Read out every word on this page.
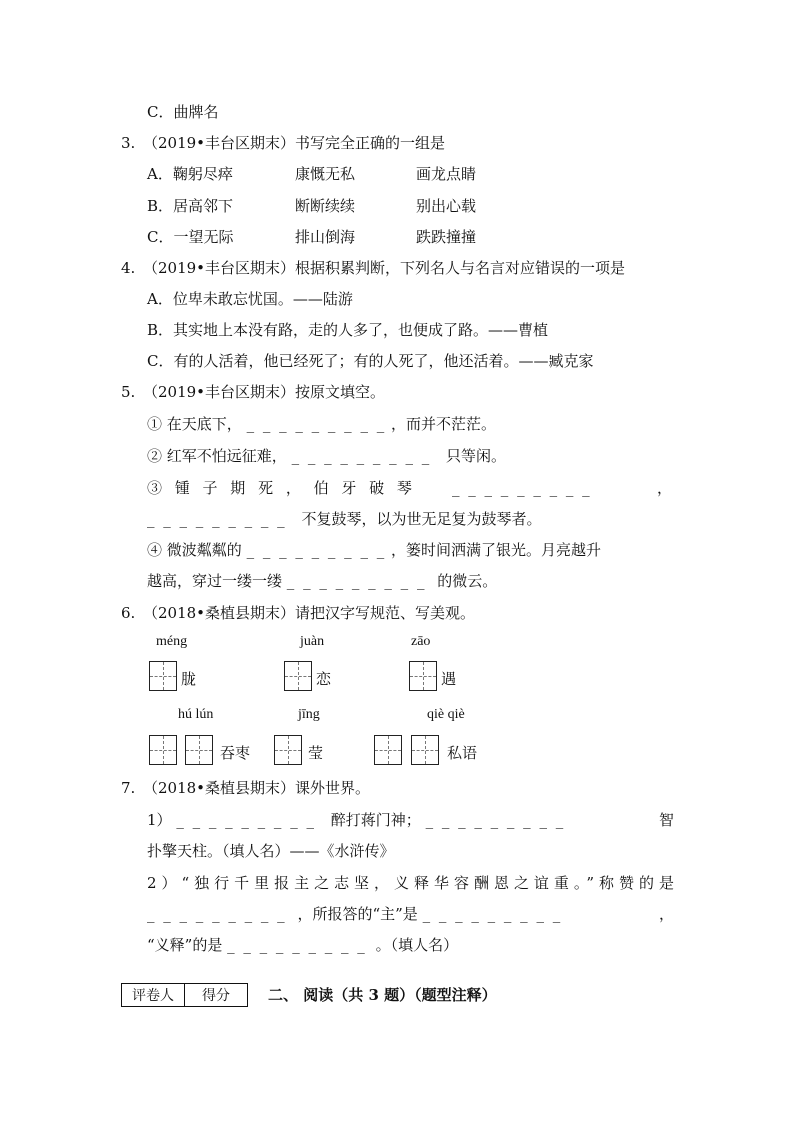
C．曲牌名
3. （2019•丰台区期末）书写完全正确的一组是
A．鞠躬尽瘁	康慨无私	画龙点睛
B．居高邻下	断断续续	别出心载
C．一望无际	排山倒海	跌跌撞撞
4. （2019•丰台区期末）根据积累判断，下列名人与名言对应错误的一项是
A．位卑未敢忘忧国。——陆游
B．其实地上本没有路，走的人多了，也便成了路。——曹植
C．有的人活着，他已经死了；有的人死了，他还活着。——臧克家
5. （2019•丰台区期末）按原文填空。
① 在天底下， _ _ _ _ _ _ _ _ _ ，而并不茫茫。
② 红军不怕远征难， _ _ _ _ _ _ _ _ _ 只等闲。
③ 锺 子 期 死 ， 伯 牙 破 琴 _ _ _ _ _ _ _ _ _	，
_ _ _ _ _ _ _ _ _ 不复鼓琴，以为世无足复为鼓琴者。
④ 微波粼粼的 _ _ _ _ _ _ _ _ _ ，篓时间洒满了银光。月亮越升
越高，穿过一缕一缕 _ _ _ _ _ _ _ _ _ 的微云。
6. （2018•桑植县期末）请把汉字写规范、写美观。
méng
胧
juàn
恋
zāo
遇
hú lún
吞枣
jīng
莹
qiè qiè
私语
7. （2018•桑植县期末）课外世界。
1） _ _ _ _ _ _ _ _ _ 醉打蒋门神； _ _ _ _ _ _ _ _ _	智
扑擎天柱。（填人名）——《水浒传》
2）“独行千里报主之志坚，义释华容酬恩之谊重。”称赞的是
_ _ _ _ _ _ _ _ _ ，所报答的“主”是 _ _ _ _ _ _ _ _ _	，
“义释”的是 _ _ _ _ _ _ _ _ _ 。（填人名）
评卷人	得分	二、 阅读（共 3 题）（题型注释）
